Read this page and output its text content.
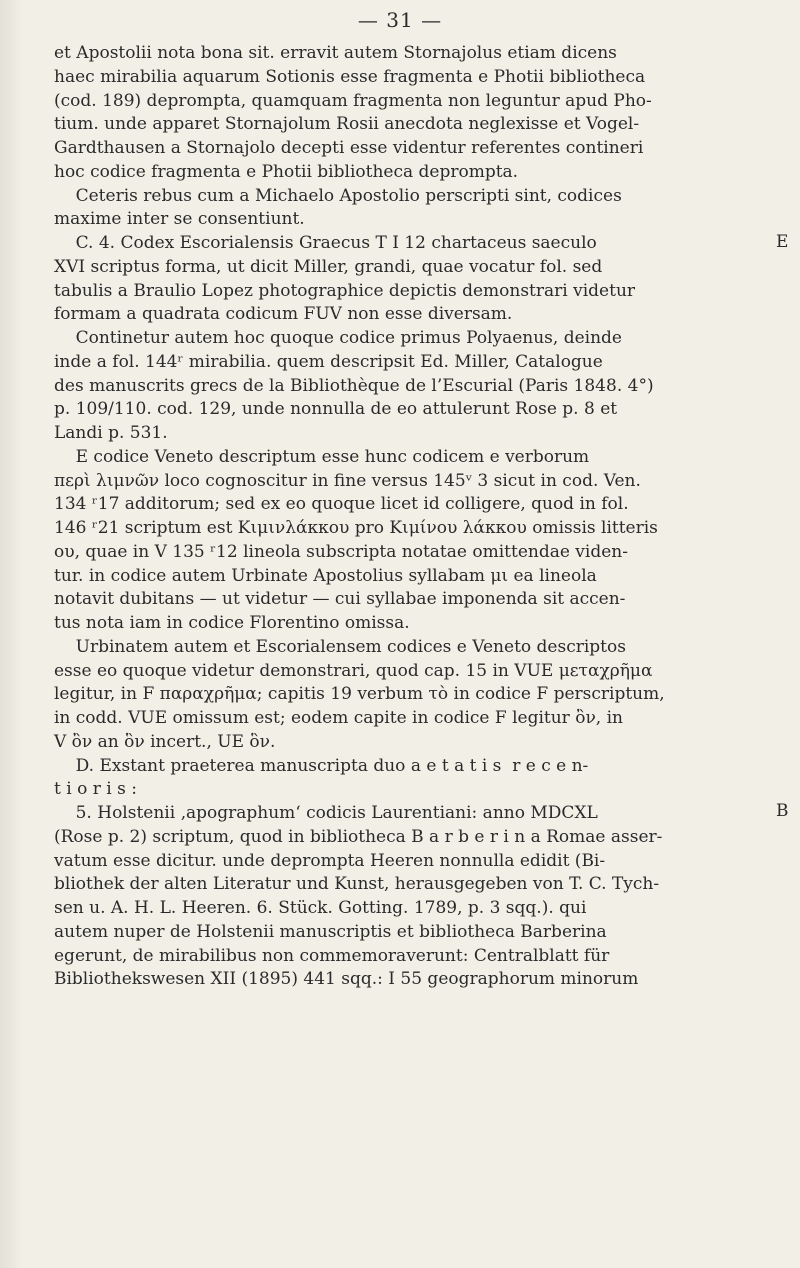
— 31 —
et Apostolii nota bona sit. erravit autem Stornajolus etiam dicens
haec mirabilia aquarum Sotionis esse fragmenta e Photii bibliotheca
(cod. 189) deprompta, quamquam fragmenta non leguntur apud Pho-
tium. unde apparet Stornajolum Rosii anecdota neglexisse et Vogel-
Gardthausen a Stornajolo decepti esse videntur referentes contineri
hoc codice fragmenta e Photii bibliotheca deprompta.
Ceteris rebus cum a Michaelo Apostolio perscripti sint, codices
maxime inter se consentiunt.
C. 4. Codex Escorialensis Graecus T I 12 chartaceus saeculo
XVI scriptus forma, ut dicit Miller, grandi, quae vocatur fol. sed
tabulis a Braulio Lopez photographice depictis demonstrari videtur
formam a quadrata codicum FUV non esse diversam.
Continetur autem hoc quoque codice primus Polyaenus, deinde
inde a fol. 144ʳ mirabilia. quem descripsit Ed. Miller, Catalogue
des manuscrits grecs de la Bibliothèque de l’Escurial (Paris 1848. 4°)
p. 109/110. cod. 129, unde nonnulla de eo attulerunt Rose p. 8 et
Landi p. 531.
E codice Veneto descriptum esse hunc codicem e verborum
περὶ λιμνῶν loco cognoscitur in fine versus 145ᵛ 3 sicut in cod. Ven.
134 ʳ17 additorum; sed ex eo quoque licet id colligere, quod in fol.
146 ʳ21 scriptum est Κιμινλάκκου pro Κιμίνου λάκκου omissis litteris
ου, quae in V 135 ʳ12 lineola subscripta notatae omittendae viden-
tur. in codice autem Urbinate Apostolius syllabam μι ea lineola
notavit dubitans — ut videtur — cui syllabae imponenda sit accen-
tus nota iam in codice Florentino omissa.
Urbinatem autem et Escorialensem codices e Veneto descriptos
esse eo quoque videtur demonstrari, quod cap. 15 in VUE μεταχρῆμα
legitur, in F παραχρῆμα; capitis 19 verbum τὸ in codice F perscriptum,
in codd. VUE omissum est; eodem capite in codice F legitur ὂν, in
V ὂν an ὃν incert., UE ὃν.
D. Exstant praeterea manuscripta duo a e t a t i s  r e c e n-
t i o r i s :
5. Holstenii ‚apographum‘ codicis Laurentiani: anno MDCXL
(Rose p. 2) scriptum, quod in bibliotheca B a r b e r i n a Romae asser-
vatum esse dicitur. unde deprompta Heeren nonnulla edidit (Bi-
bliothek der alten Literatur und Kunst, herausgegeben von T. C. Tych-
sen u. A. H. L. Heeren. 6. Stück. Gotting. 1789, p. 3 sqq.). qui
autem nuper de Holstenii manuscriptis et bibliotheca Barberina
egerunt, de mirabilibus non commemoraverunt: Centralblatt für
Bibliothekswesen XII (1895) 441 sqq.: I 55 geographorum minorum
E
B
